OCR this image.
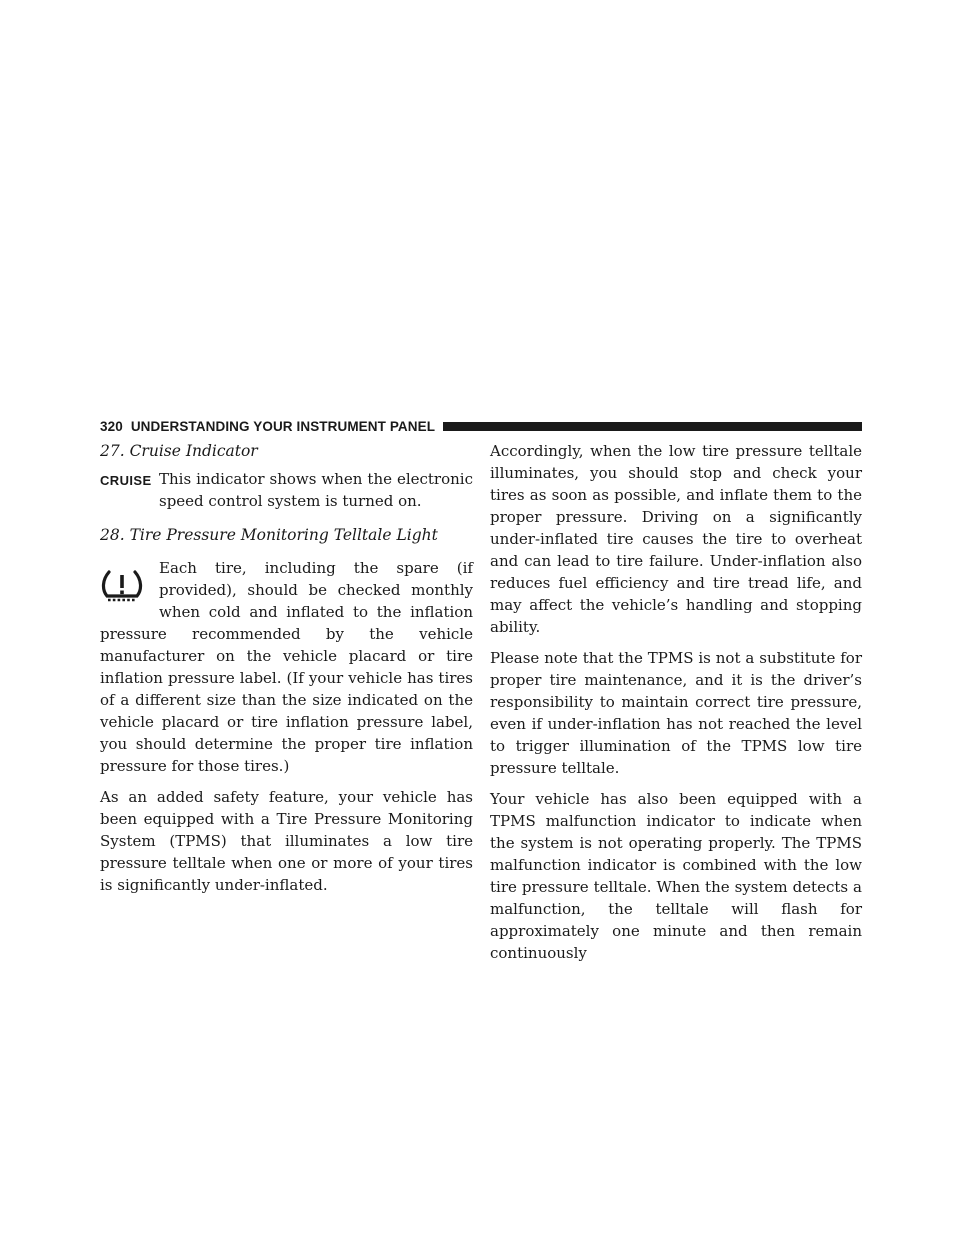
320 UNDERSTANDING YOUR INSTRUMENT PANEL
27. Cruise Indicator
CRUISE This indicator shows when the electronic speed control system is turned on.
28. Tire Pressure Monitoring Telltale Light

Each tire, including the spare (if provided), should be checked monthly when cold and inflated to the inflation pressure recommended by the vehicle manufacturer on the vehicle placard or tire inflation pressure label. (If your vehicle has tires of a different size than the size indicated on the vehicle placard or tire inflation pressure label, you should determine the proper tire inflation pressure for those tires.)

As an added safety feature, your vehicle has been equipped with a Tire Pressure Monitoring System (TPMS) that illuminates a low tire pressure telltale when one or more of your tires is significantly under-inflated.

Accordingly, when the low tire pressure telltale illuminates, you should stop and check your tires as soon as possible, and inflate them to the proper pressure. Driving on a significantly under-inflated tire causes the tire to overheat and can lead to tire failure. Under-inflation also reduces fuel efficiency and tire tread life, and may affect the vehicle’s handling and stopping ability.

Please note that the TPMS is not a substitute for proper tire maintenance, and it is the driver’s responsibility to maintain correct tire pressure, even if under-inflation has not reached the level to trigger illumination of the TPMS low tire pressure telltale.

Your vehicle has also been equipped with a TPMS malfunction indicator to indicate when the system is not operating properly. The TPMS malfunction indicator is combined with the low tire pressure telltale. When the system detects a malfunction, the telltale will flash for approximately one minute and then remain continuously
